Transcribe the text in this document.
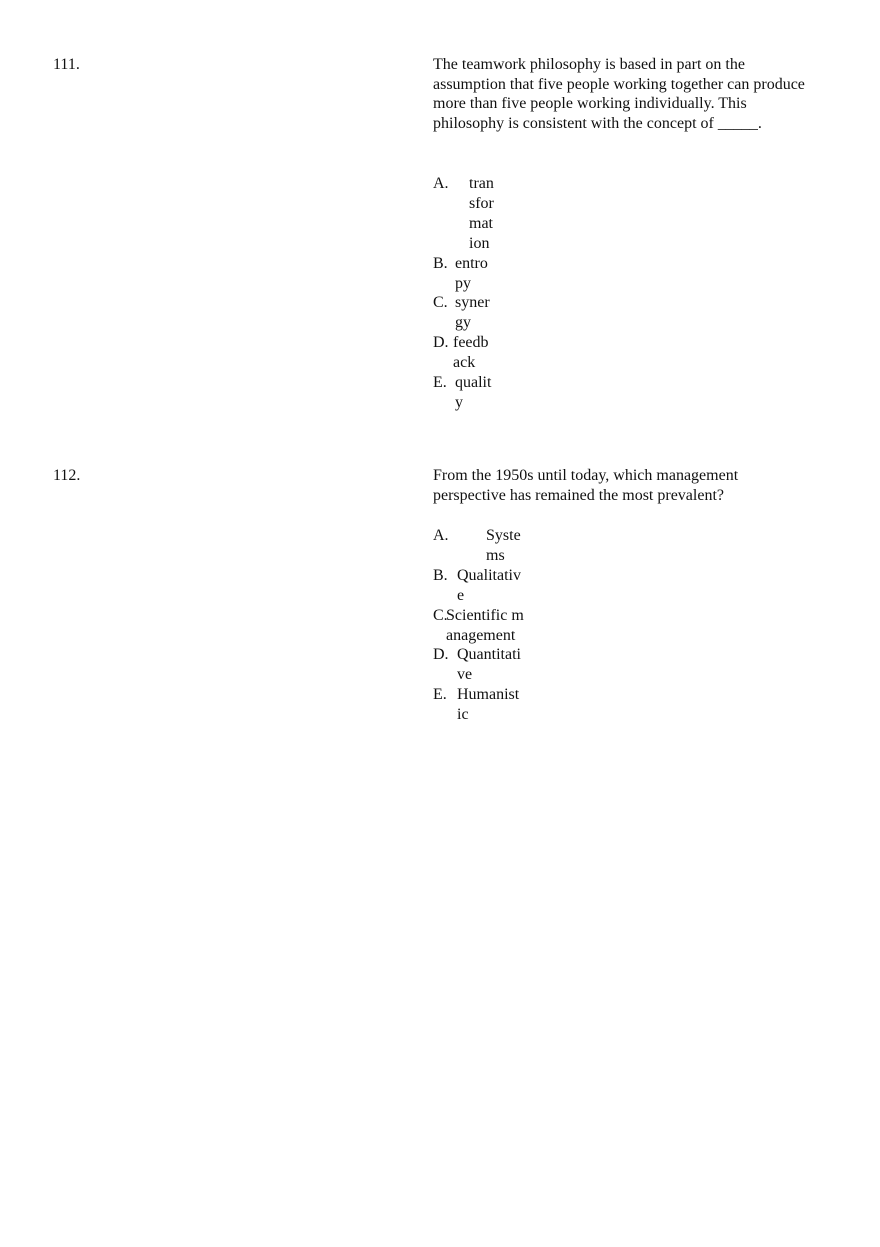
111.	The teamwork philosophy is based in part on the assumption that five people working together can produce more than five people working individually. This philosophy is consistent with the concept of _____.
A.	transformation
B. entropy
C. synergy
D. feedback
E. quality
112.	From the 1950s until today, which management perspective has remained the most prevalent?
A.	Systems
B. Qualitative
C.
Scientific management
D. Quantitative
E. Humanistic
